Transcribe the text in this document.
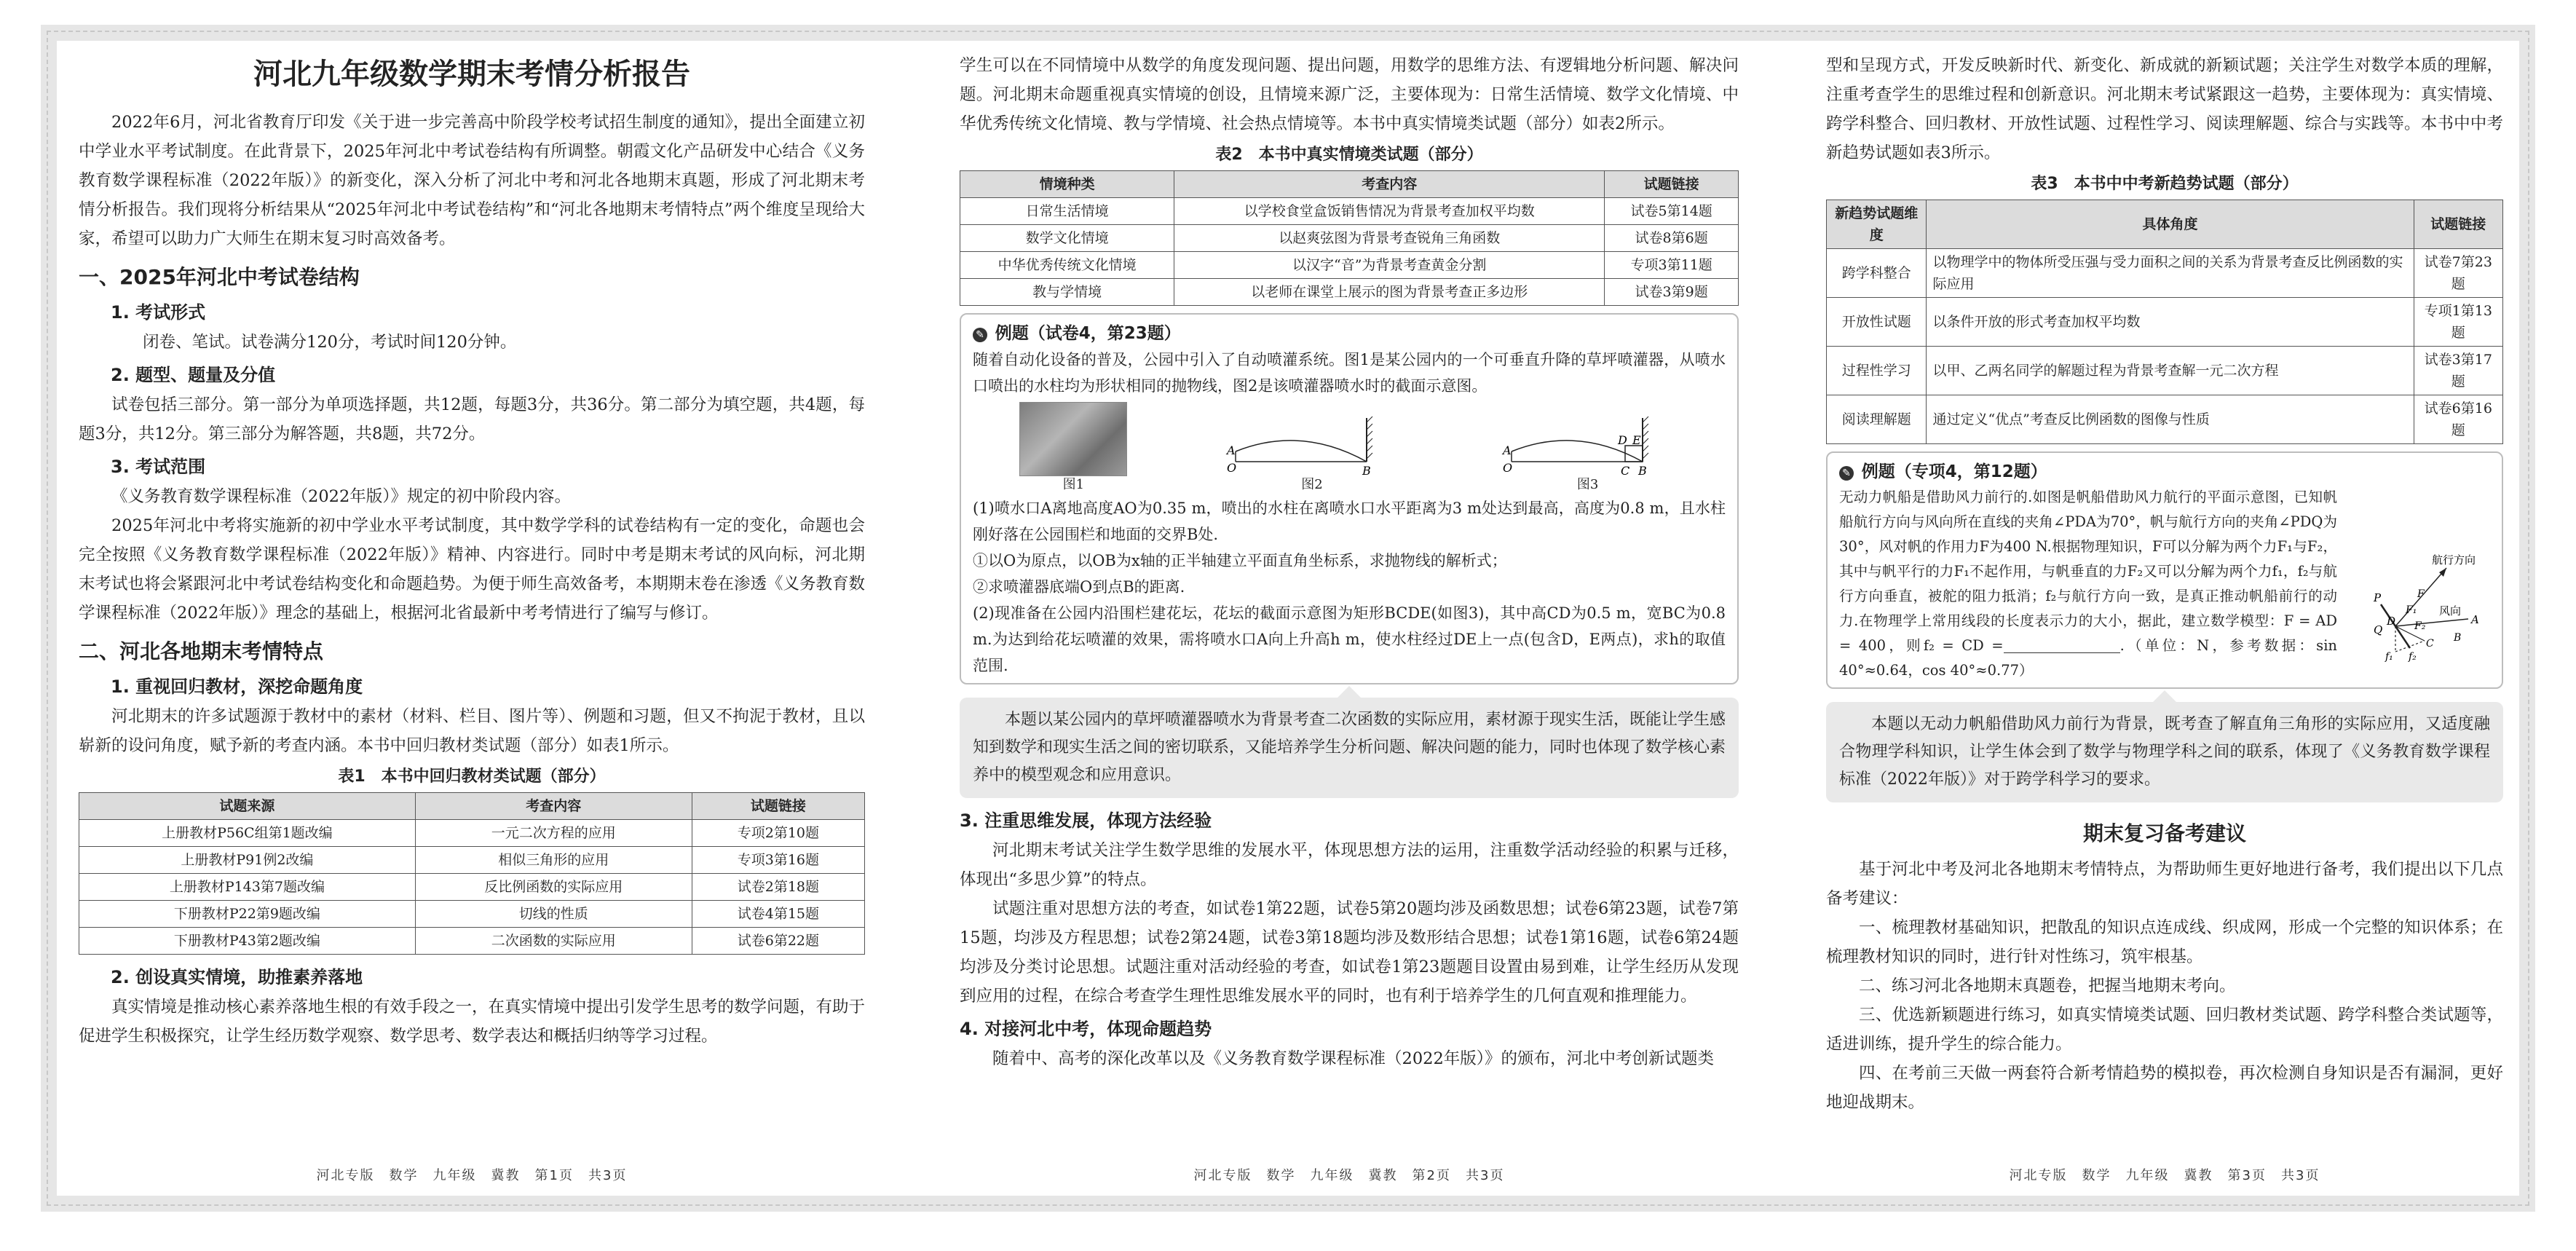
河北九年级数学期末考情分析报告

2022年6月，河北省教育厅印发《关于进一步完善高中阶段学校考试招生制度的通知》，提出全面建立初中学业水平考试制度。在此背景下，2025年河北中考试卷结构有所调整。朝霞文化产品研发中心结合《义务教育数学课程标准（2022年版）》的新变化，深入分析了河北中考和河北各地期末真题，形成了河北期末考情分析报告。我们现将分析结果从“2025年河北中考试卷结构”和“河北各地期末考情特点”两个维度呈现给大家，希望可以助力广大师生在期末复习时高效备考。

一、2025年河北中考试卷结构
1. 考试形式

闭卷、笔试。试卷满分120分，考试时间120分钟。

2. 题型、题量及分值

试卷包括三部分。第一部分为单项选择题，共12题，每题3分，共36分。第二部分为填空题，共4题，每题3分，共12分。第三部分为解答题，共8题，共72分。

3. 考试范围

《义务教育数学课程标准（2022年版）》规定的初中阶段内容。

2025年河北中考将实施新的初中学业水平考试制度，其中数学学科的试卷结构有一定的变化，命题也会完全按照《义务教育数学课程标准（2022年版）》精神、内容进行。同时中考是期末考试的风向标，河北期末考试也将会紧跟河北中考试卷结构变化和命题趋势。为便于师生高效备考，本期期末卷在渗透《义务教育数学课程标准（2022年版）》理念的基础上，根据河北省最新中考考情进行了编写与修订。

二、河北各地期末考情特点
1. 重视回归教材，深挖命题角度

河北期末的许多试题源于教材中的素材（材料、栏目、图片等）、例题和习题，但又不拘泥于教材，且以崭新的设问角度，赋予新的考查内涵。本书中回归教材类试题（部分）如表1所示。

表1　本书中回归教材类试题（部分）
试题来源	考查内容	试题链接
上册教材P56C组第1题改编	一元二次方程的应用	专项2第10题
上册教材P91例2改编	相似三角形的应用	专项3第16题
上册教材P143第7题改编	反比例函数的实际应用	试卷2第18题
下册教材P22第9题改编	切线的性质	试卷4第15题
下册教材P43第2题改编	二次函数的实际应用	试卷6第22题
2. 创设真实情境，助推素养落地

真实情境是推动核心素养落地生根的有效手段之一，在真实情境中提出引发学生思考的数学问题，有助于促进学生积极探究，让学生经历数学观察、数学思考、数学表达和概括归纳等学习过程。

学生可以在不同情境中从数学的角度发现问题、提出问题，用数学的思维方法、有逻辑地分析问题、解决问题。河北期末命题重视真实情境的创设，且情境来源广泛，主要体现为：日常生活情境、数学文化情境、中华优秀传统文化情境、教与学情境、社会热点情境等。本书中真实情境类试题（部分）如表2所示。

表2　本书中真实情境类试题（部分）
情境种类	考查内容	试题链接
日常生活情境	以学校食堂盒饭销售情况为背景考查加权平均数	试卷5第14题
数学文化情境	以赵爽弦图为背景考查锐角三角函数	试卷8第6题
中华优秀传统文化情境	以汉字“音”为背景考查黄金分割	专项3第11题
教与学情境	以老师在课堂上展示的图为背景考查正多边形	试卷3第9题
✎ 例题（试卷4，第23题）

随着自动化设备的普及，公园中引入了自动喷灌系统。图1是某公园内的一个可垂直升降的草坪喷灌器，从喷水口喷出的水柱均为形状相同的抛物线，图2是该喷灌器喷水时的截面示意图。

图1
A
O	B
图2
A
O
D E
C B
图3

(1)喷水口A离地高度AO为0.35 m，喷出的水柱在离喷水口水平距离为3 m处达到最高，高度为0.8 m，且水柱刚好落在公园围栏和地面的交界B处.

①以O为原点，以OB为x轴的正半轴建立平面直角坐标系，求抛物线的解析式；

②求喷灌器底端O到点B的距离.

(2)现准备在公园内沿围栏建花坛，花坛的截面示意图为矩形BCDE(如图3)，其中高CD为0.5 m，宽BC为0.8 m.为达到给花坛喷灌的效果，需将喷水口A向上升高h m，使水柱经过DE上一点(包含D，E两点)，求h的取值范围.

本题以某公园内的草坪喷灌器喷水为背景考查二次函数的实际应用，素材源于现实生活，既能让学生感知到数学和现实生活之间的密切联系，又能培养学生分析问题、解决问题的能力，同时也体现了数学核心素养中的模型观念和应用意识。

3. 注重思维发展，体现方法经验

河北期末考试关注学生数学思维的发展水平，体现思想方法的运用，注重数学活动经验的积累与迁移，体现出“多思少算”的特点。

试题注重对思想方法的考查，如试卷1第22题，试卷5第20题均涉及函数思想；试卷6第23题，试卷7第15题，均涉及方程思想；试卷2第24题，试卷3第18题均涉及数形结合思想；试卷1第16题，试卷6第24题均涉及分类讨论思想。试题注重对活动经验的考查，如试卷1第23题题目设置由易到难，让学生经历从发现到应用的过程，在综合考查学生理性思维发展水平的同时，也有利于培养学生的几何直观和推理能力。

4. 对接河北中考，体现命题趋势

随着中、高考的深化改革以及《义务教育数学课程标准（2022年版）》的颁布，河北中考创新试题类

型和呈现方式，开发反映新时代、新变化、新成就的新颖试题；关注学生对数学本质的理解，注重考查学生的思维过程和创新意识。河北期末考试紧跟这一趋势，主要体现为：真实情境、跨学科整合、回归教材、开放性试题、过程性学习、阅读理解题、综合与实践等。本书中中考新趋势试题如表3所示。

表3　本书中中考新趋势试题（部分）
新趋势试题维度	具体角度	试题链接
跨学科整合	以物理学中的物体所受压强与受力面积之间的关系为背景考查反比例函数的实际应用	试卷7第23题
开放性试题	以条件开放的形式考查加权平均数	专项1第13题
过程性学习	以甲、乙两名同学的解题过程为背景考查解一元二次方程	试卷3第17题
阅读理解题	通过定义“优点”考查反比例函数的图像与性质	试卷6第16题
✎ 例题（专项4，第12题）

无动力帆船是借助风力前行的.如图是帆船借助风力航行的平面示意图，已知帆船航行方向与风向所在直线的夹角∠PDA为70°，帆与航行方向的夹角∠PDQ为30°，风对帆的作用力F为400 N.根据物理知识，F可以分解为两个力F₁与F₂，其中与帆平行的力F₁不起作用，与帆垂直的力F₂又可以分解为两个力f₁，f₂与航行方向垂直，被舵的阻力抵消；f₂与航行方向一致，是真正推动帆船前行的动力.在物理学上常用线段的长度表示力的大小，据此，建立数学模型：F = AD = 400，则f₂ = CD =	.（单位：N，参考数据：sin 40°≈0.64，cos 40°≈0.77）

航行方向
风向
P
Q
D	A
F
F₁
F₂
f₁ f₂
C B

本题以无动力帆船借助风力前行为背景，既考查了解直角三角形的实际应用，又适度融合物理学科知识，让学生体会到了数学与物理学科之间的联系，体现了《义务教育数学课程标准（2022年版）》对于跨学科学习的要求。

期末复习备考建议

基于河北中考及河北各地期末考情特点，为帮助师生更好地进行备考，我们提出以下几点备考建议：

一、梳理教材基础知识，把散乱的知识点连成线、织成网，形成一个完整的知识体系；在梳理教材知识的同时，进行针对性练习，筑牢根基。

二、练习河北各地期末真题卷，把握当地期末考向。

三、优选新颖题进行练习，如真实情境类试题、回归教材类试题、跨学科整合类试题等，适进训练，提升学生的综合能力。

四、在考前三天做一两套符合新考情趋势的模拟卷，再次检测自身知识是否有漏洞，更好地迎战期末。

河北专版　数学　九年级　冀教　第1页　共3页	河北专版　数学　九年级　冀教　第2页　共3页	河北专版　数学　九年级　冀教　第3页　共3页
